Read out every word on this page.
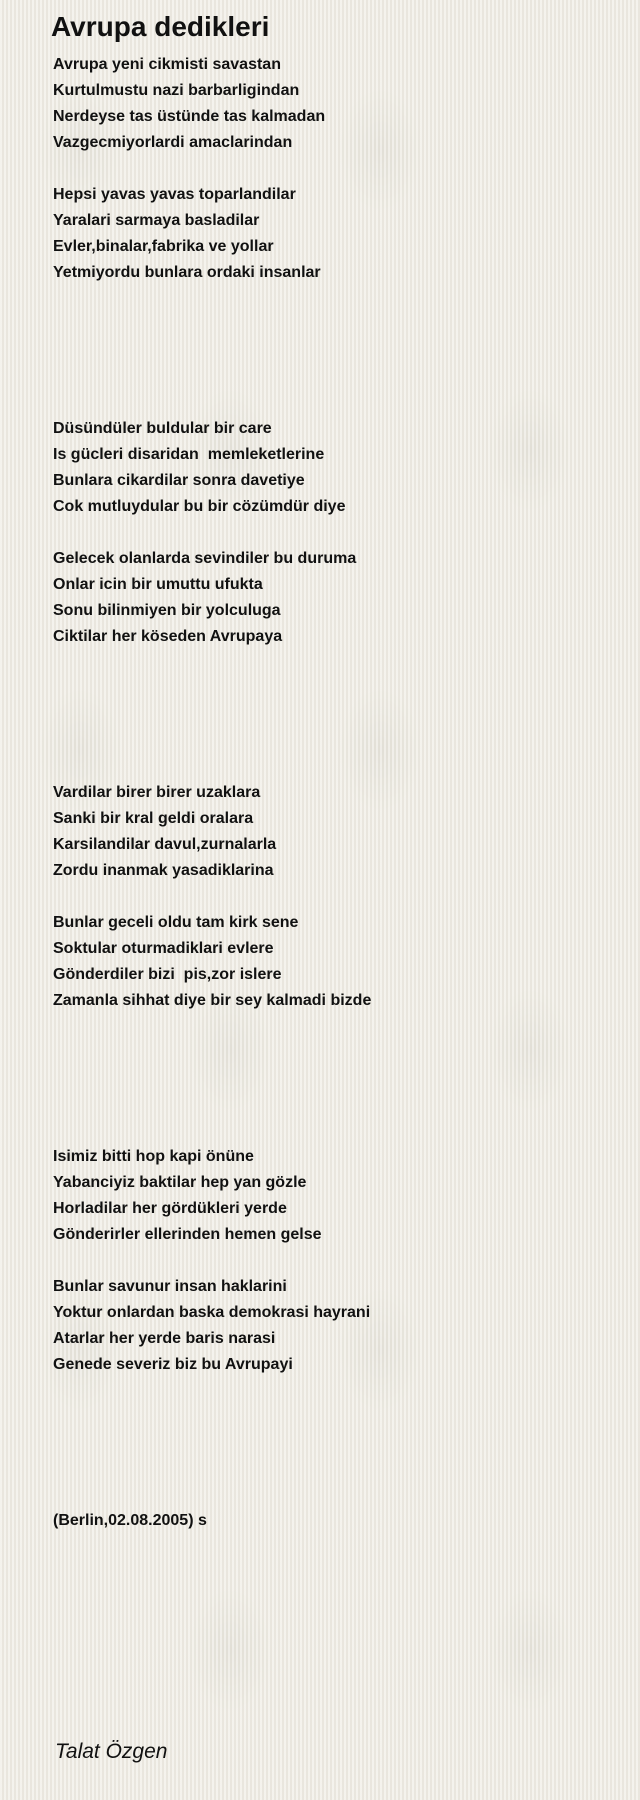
Avrupa dedikleri
Avrupa yeni cikmisti savastan
Kurtulmustu nazi barbarligindan
Nerdeyse tas üstünde tas kalmadan
Vazgecmiyorlardi amaclarindan
Hepsi yavas yavas toparlandilar
Yaralari sarmaya basladilar
Evler,binalar,fabrika ve yollar
Yetmiyordu bunlara ordaki insanlar
Düsündüler buldular bir care
Is gücleri disaridan  memleketlerine
Bunlara cikardilar sonra davetiye
Cok mutluydular bu bir cözümdür diye
Gelecek olanlarda sevindiler bu duruma
Onlar icin bir umuttu ufukta
Sonu bilinmiyen bir yolculuga
Ciktilar her köseden Avrupaya
Vardilar birer birer uzaklara
Sanki bir kral geldi oralara
Karsilandilar davul,zurnalarla
Zordu inanmak yasadiklarina
Bunlar geceli oldu tam kirk sene
Soktular oturmadiklari evlere
Gönderdiler bizi  pis,zor islere
Zamanla sihhat diye bir sey kalmadi bizde
Isimiz bitti hop kapi önüne
Yabanciyiz baktilar hep yan gözle
Horladilar her gördükleri yerde
Gönderirler ellerinden hemen gelse
Bunlar savunur insan haklarini
Yoktur onlardan baska demokrasi hayrani
Atarlar her yerde baris narasi
Genede severiz biz bu Avrupayi
(Berlin,02.08.2005) s
Talat Özgen
